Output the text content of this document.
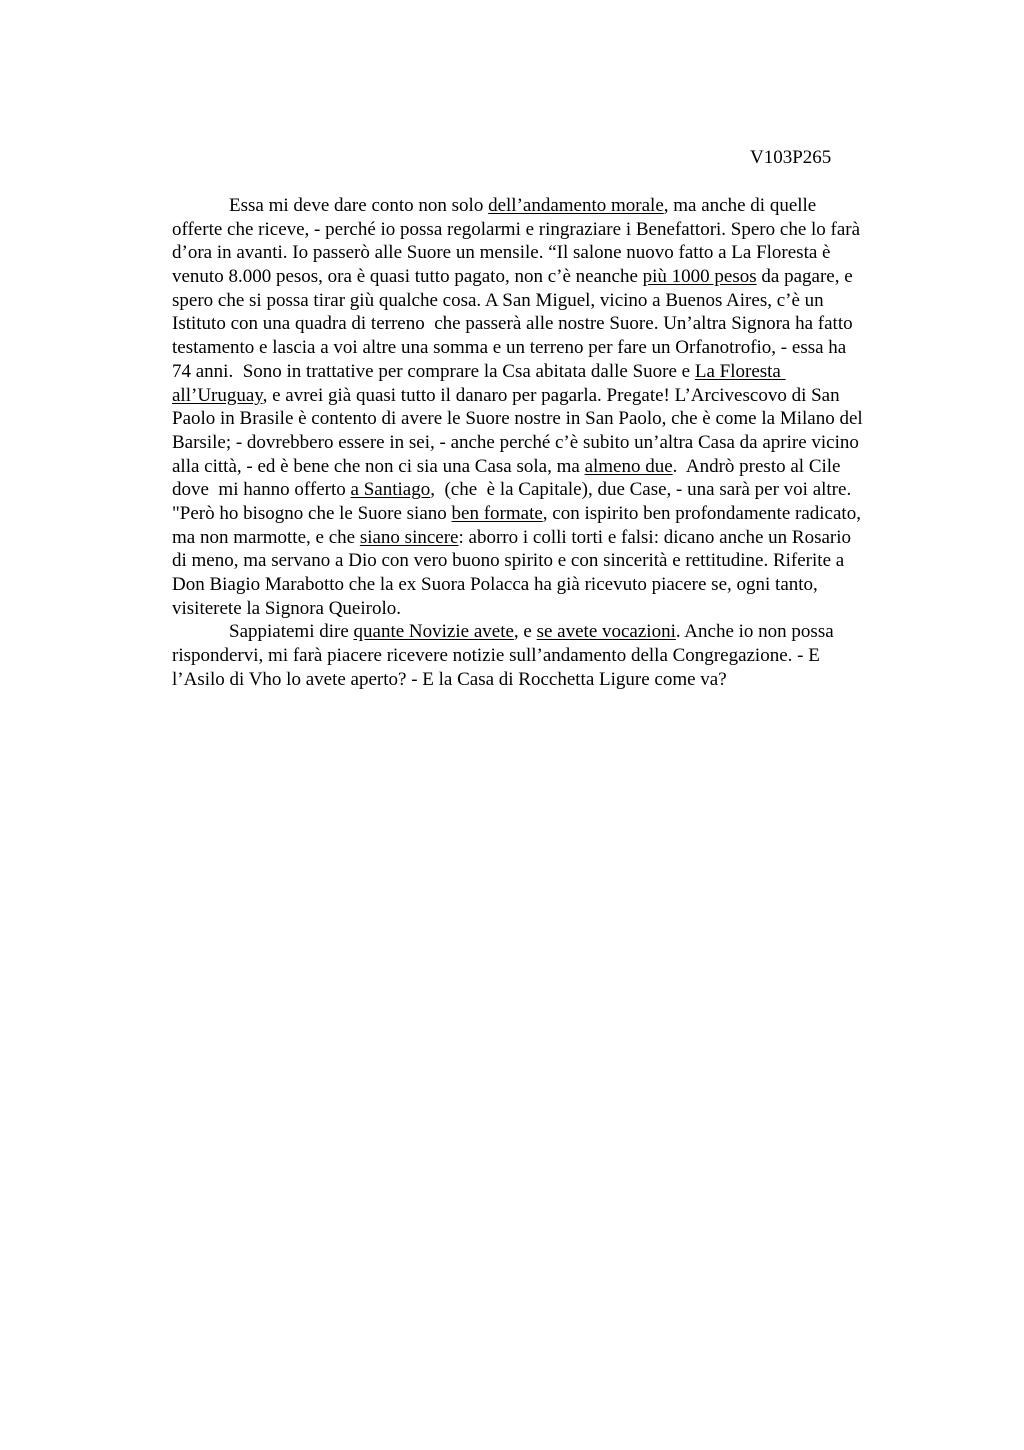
V103P265

Essa mi deve dare conto non solo dell’andamento morale, ma anche di quelle
offerte che riceve, - perché io possa regolarmi e ringraziare i Benefattori. Spero che lo farà
d’ora in avanti. Io passerò alle Suore un mensile. “Il salone nuovo fatto a La Floresta è
venuto 8.000 pesos, ora è quasi tutto pagato, non c’è neanche più 1000 pesos da pagare, e
spero che si possa tirar giù qualche cosa. A San Miguel, vicino a Buenos Aires, c’è un
Istituto con una quadra di terreno  che passerà alle nostre Suore. Un’altra Signora ha fatto
testamento e lascia a voi altre una somma e un terreno per fare un Orfanotrofio, - essa ha
74 anni.  Sono in trattative per comprare la Csa abitata dalle Suore e La Floresta
all’Uruguay, e avrei già quasi tutto il danaro per pagarla. Pregate! L’Arcivescovo di San
Paolo in Brasile è contento di avere le Suore nostre in San Paolo, che è come la Milano del
Barsile; - dovrebbero essere in sei, - anche perché c’è subito un’altra Casa da aprire vicino
alla città, - ed è bene che non ci sia una Casa sola, ma almeno due.  Andrò presto al Cile
dove  mi hanno offerto a Santiago,  (che  è la Capitale), due Case, - una sarà per voi altre.
"Però ho bisogno che le Suore siano ben formate, con ispirito ben profondamente radicato,
ma non marmotte, e che siano sincere: aborro i colli torti e falsi: dicano anche un Rosario
di meno, ma servano a Dio con vero buono spirito e con sincerità e rettitudine. Riferite a
Don Biagio Marabotto che la ex Suora Polacca ha già ricevuto piacere se, ogni tanto,
visiterete la Signora Queirolo.
Sappiatemi dire quante Novizie avete, e se avete vocazioni. Anche io non possa
rispondervi, mi farà piacere ricevere notizie sull’andamento della Congregazione. - E
l’Asilo di Vho lo avete aperto? - E la Casa di Rocchetta Ligure come va?
